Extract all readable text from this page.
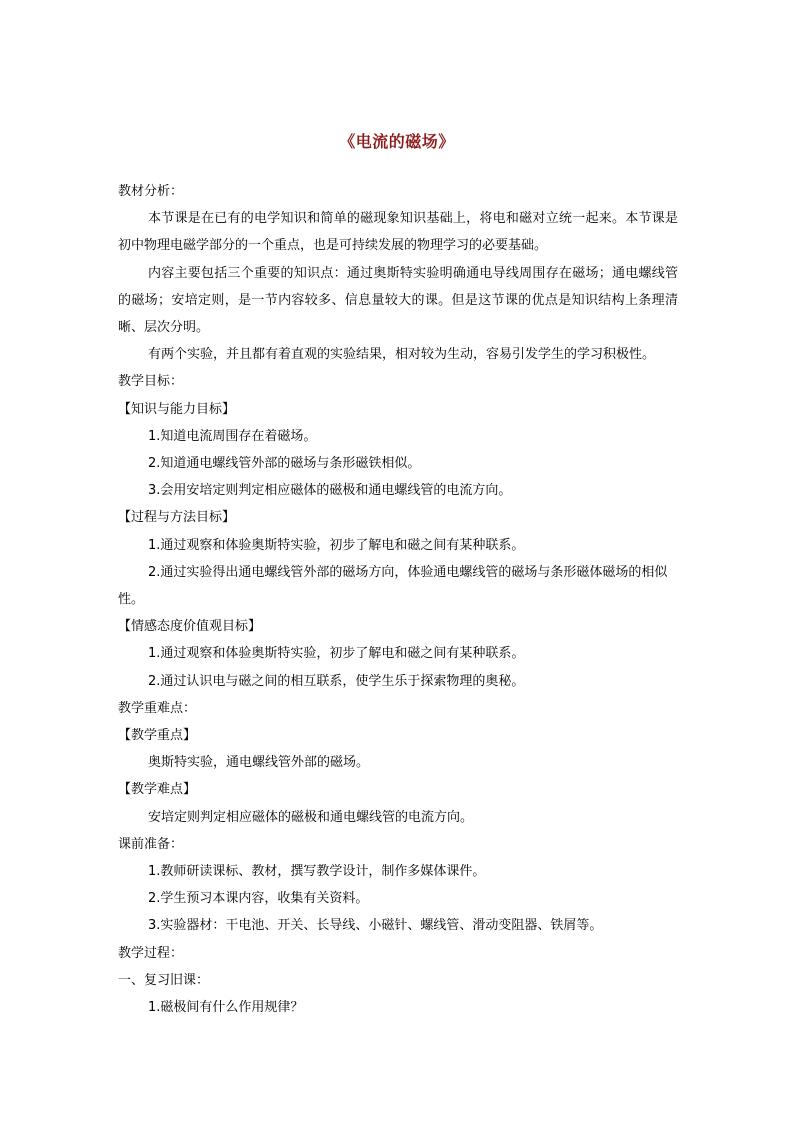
《电流的磁场》

教材分析：

本节课是在已有的电学知识和简单的磁现象知识基础上，将电和磁对立统一起来。本节课是初中物理电磁学部分的一个重点，也是可持续发展的物理学习的必要基础。

内容主要包括三个重要的知识点：通过奥斯特实验明确通电导线周围存在磁场；通电螺线管的磁场；安培定则，是一节内容较多、信息量较大的课。但是这节课的优点是知识结构上条理清晰、层次分明。

有两个实验，并且都有着直观的实验结果，相对较为生动，容易引发学生的学习积极性。

教学目标：

【知识与能力目标】

1.知道电流周围存在着磁场。

2.知道通电螺线管外部的磁场与条形磁铁相似。

3.会用安培定则判定相应磁体的磁极和通电螺线管的电流方向。

【过程与方法目标】

1.通过观察和体验奥斯特实验，初步了解电和磁之间有某种联系。

2.通过实验得出通电螺线管外部的磁场方向，体验通电螺线管的磁场与条形磁体磁场的相似性。

【情感态度价值观目标】

1.通过观察和体验奥斯特实验，初步了解电和磁之间有某种联系。

2.通过认识电与磁之间的相互联系，使学生乐于探索物理的奥秘。

教学重难点：

【教学重点】

奥斯特实验，通电螺线管外部的磁场。

【教学难点】

安培定则判定相应磁体的磁极和通电螺线管的电流方向。

课前准备：

1.教师研读课标、教材，撰写教学设计，制作多媒体课件。

2.学生预习本课内容，收集有关资料。

3.实验器材：干电池、开关、长导线、小磁针、螺线管、滑动变阻器、铁屑等。

教学过程：

一、复习旧课：

1.磁极间有什么作用规律？
